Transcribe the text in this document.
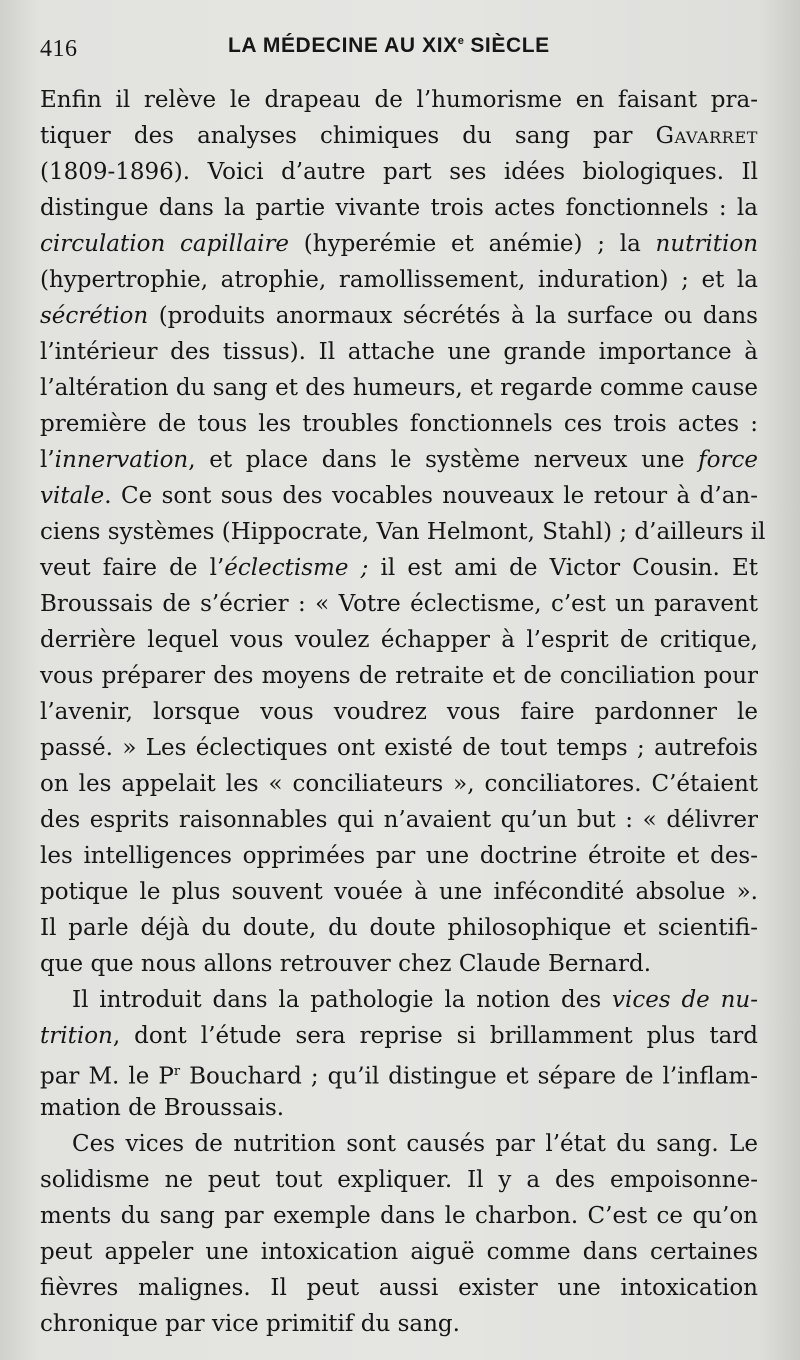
416	LA MÉDECINE AU XIXe SIÈCLE
Enfin il relève le drapeau de l’humorisme en faisant pra-
tiquer des analyses chimiques du sang par Gavarret
(1809-1896). Voici d’autre part ses idées biologiques. Il
distingue dans la partie vivante trois actes fonctionnels : la
circulation capillaire (hyperémie et anémie) ; la nutrition
(hypertrophie, atrophie, ramollissement, induration) ; et la
sécrétion (produits anormaux sécrétés à la surface ou dans
l’intérieur des tissus). Il attache une grande importance à
l’altération du sang et des humeurs, et regarde comme cause
première de tous les troubles fonctionnels ces trois actes :
l’innervation, et place dans le système nerveux une force
vitale. Ce sont sous des vocables nouveaux le retour à d’an-
ciens systèmes (Hippocrate, Van Helmont, Stahl) ; d’ailleurs il
veut faire de l’éclectisme ; il est ami de Victor Cousin. Et
Broussais de s’écrier : « Votre éclectisme, c’est un paravent
derrière lequel vous voulez échapper à l’esprit de critique,
vous préparer des moyens de retraite et de conciliation pour
l’avenir, lorsque vous voudrez vous faire pardonner le
passé. » Les éclectiques ont existé de tout temps ; autrefois
on les appelait les « conciliateurs », conciliatores. C’étaient
des esprits raisonnables qui n’avaient qu’un but : « délivrer
les intelligences opprimées par une doctrine étroite et des-
potique le plus souvent vouée à une infécondité absolue ».
Il parle déjà du doute, du doute philosophique et scientifi-
que que nous allons retrouver chez Claude Bernard.
Il introduit dans la pathologie la notion des vices de nu-
trition, dont l’étude sera reprise si brillamment plus tard
par M. le $P^r$ Bouchard ; qu’il distingue et sépare de l’inflam-
mation de Broussais.
Ces vices de nutrition sont causés par l’état du sang. Le
solidisme ne peut tout expliquer. Il y a des empoisonne-
ments du sang par exemple dans le charbon. C’est ce qu’on
peut appeler une intoxication aiguë comme dans certaines
fièvres malignes. Il peut aussi exister une intoxication
chronique par vice primitif du sang.
